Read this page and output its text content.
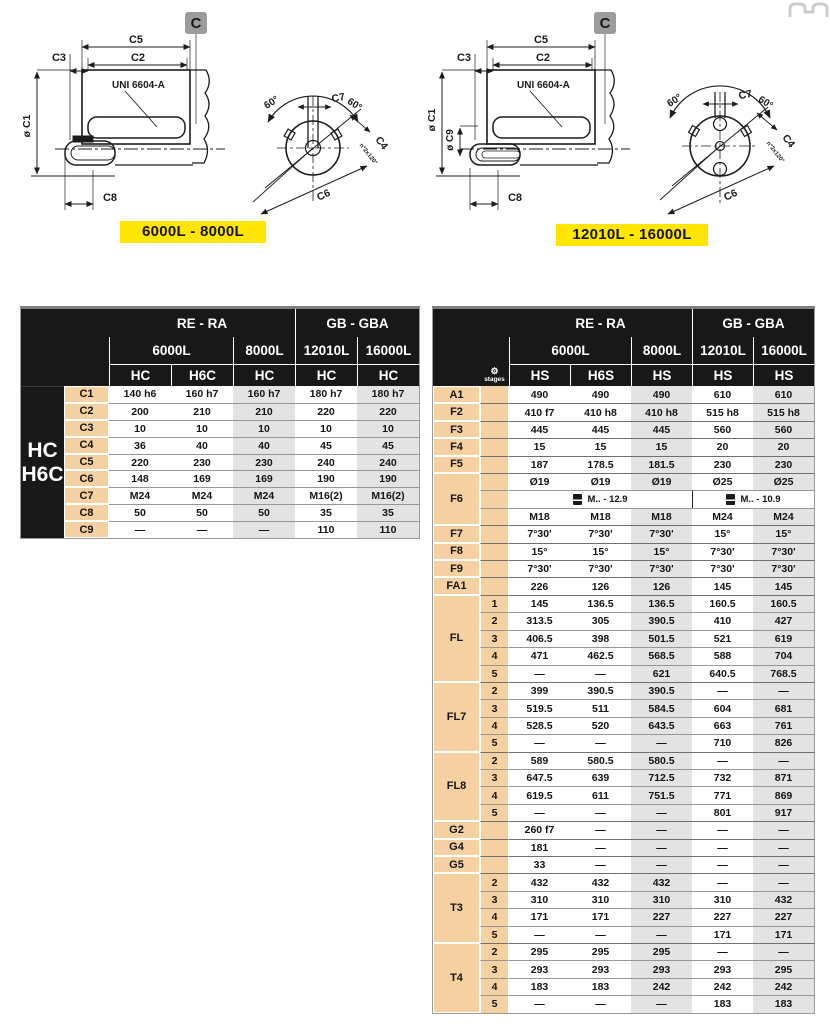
C
C5
C2
C3
UNI 6604-A
ø C1
C8
60°	60°
C7
C4
n°2x120°
C6
6000L - 8000L
C
C5
C2
C3
UNI 6604-A
ø C1
ø C9
C8
60°	60°
C7
C4
n°2x120°
C6
12010L - 16000L
RE - RA	GB - GBA
6000L	8000L	12010L	16000L
HC	H6C	HC	HC	HC
HC
H6C
C1	140 h6	160 h7	160 h7	180 h7	180 h7
C2	200	210	210	220	220
C3	10	10	10	10	10
C4	36	40	40	45	45
C5	220	230	230	240	240
C6	148	169	169	190	190
C7	M24	M24	M24	M16(2)	M16(2)
C8	50	50	50	35	35
C9	—	—	—	110	110
RE - RA	GB - GBA
6000L	8000L	12010L	16000L
⚙
stages	HS	H6S	HS	HS	HS
A1	490	490	490	610	610
F2	410 f7	410 h8	410 h8	515 h8	515 h8
F3	445	445	445	560	560
F4	15	15	15	20	20
F5	187	178.5	181.5	230	230
F6
Ø19	Ø19	Ø19	Ø25	Ø25
M.. - 12.9	M.. - 10.9
M18	M18	M18	M24	M24
F7	7°30'	7°30'	7°30'	15°	15°
F8	15°	15°	15°	7°30'	7°30'
F9	7°30'	7°30'	7°30'	7°30'	7°30'
FA1	226	126	126	145	145
FL
1	145	136.5	136.5	160.5	160.5
2	313.5	305	390.5	410	427
3	406.5	398	501.5	521	619
4	471	462.5	568.5	588	704
5	—	—	621	640.5	768.5
FL7
2	399	390.5	390.5	—	—
3	519.5	511	584.5	604	681
4	528.5	520	643.5	663	761
5	—	—	—	710	826
FL8
2	589	580.5	580.5	—	—
3	647.5	639	712.5	732	871
4	619.5	611	751.5	771	869
5	—	—	—	801	917
G2	260 f7	—	—	—	—
G4	181	—	—	—	—
G5	33	—	—	—	—
T3
2	432	432	432	—	—
3	310	310	310	310	432
4	171	171	227	227	227
5	—	—	—	171	171
T4
2	295	295	295	—	—
3	293	293	293	293	295
4	183	183	242	242	242
5	—	—	—	183	183
